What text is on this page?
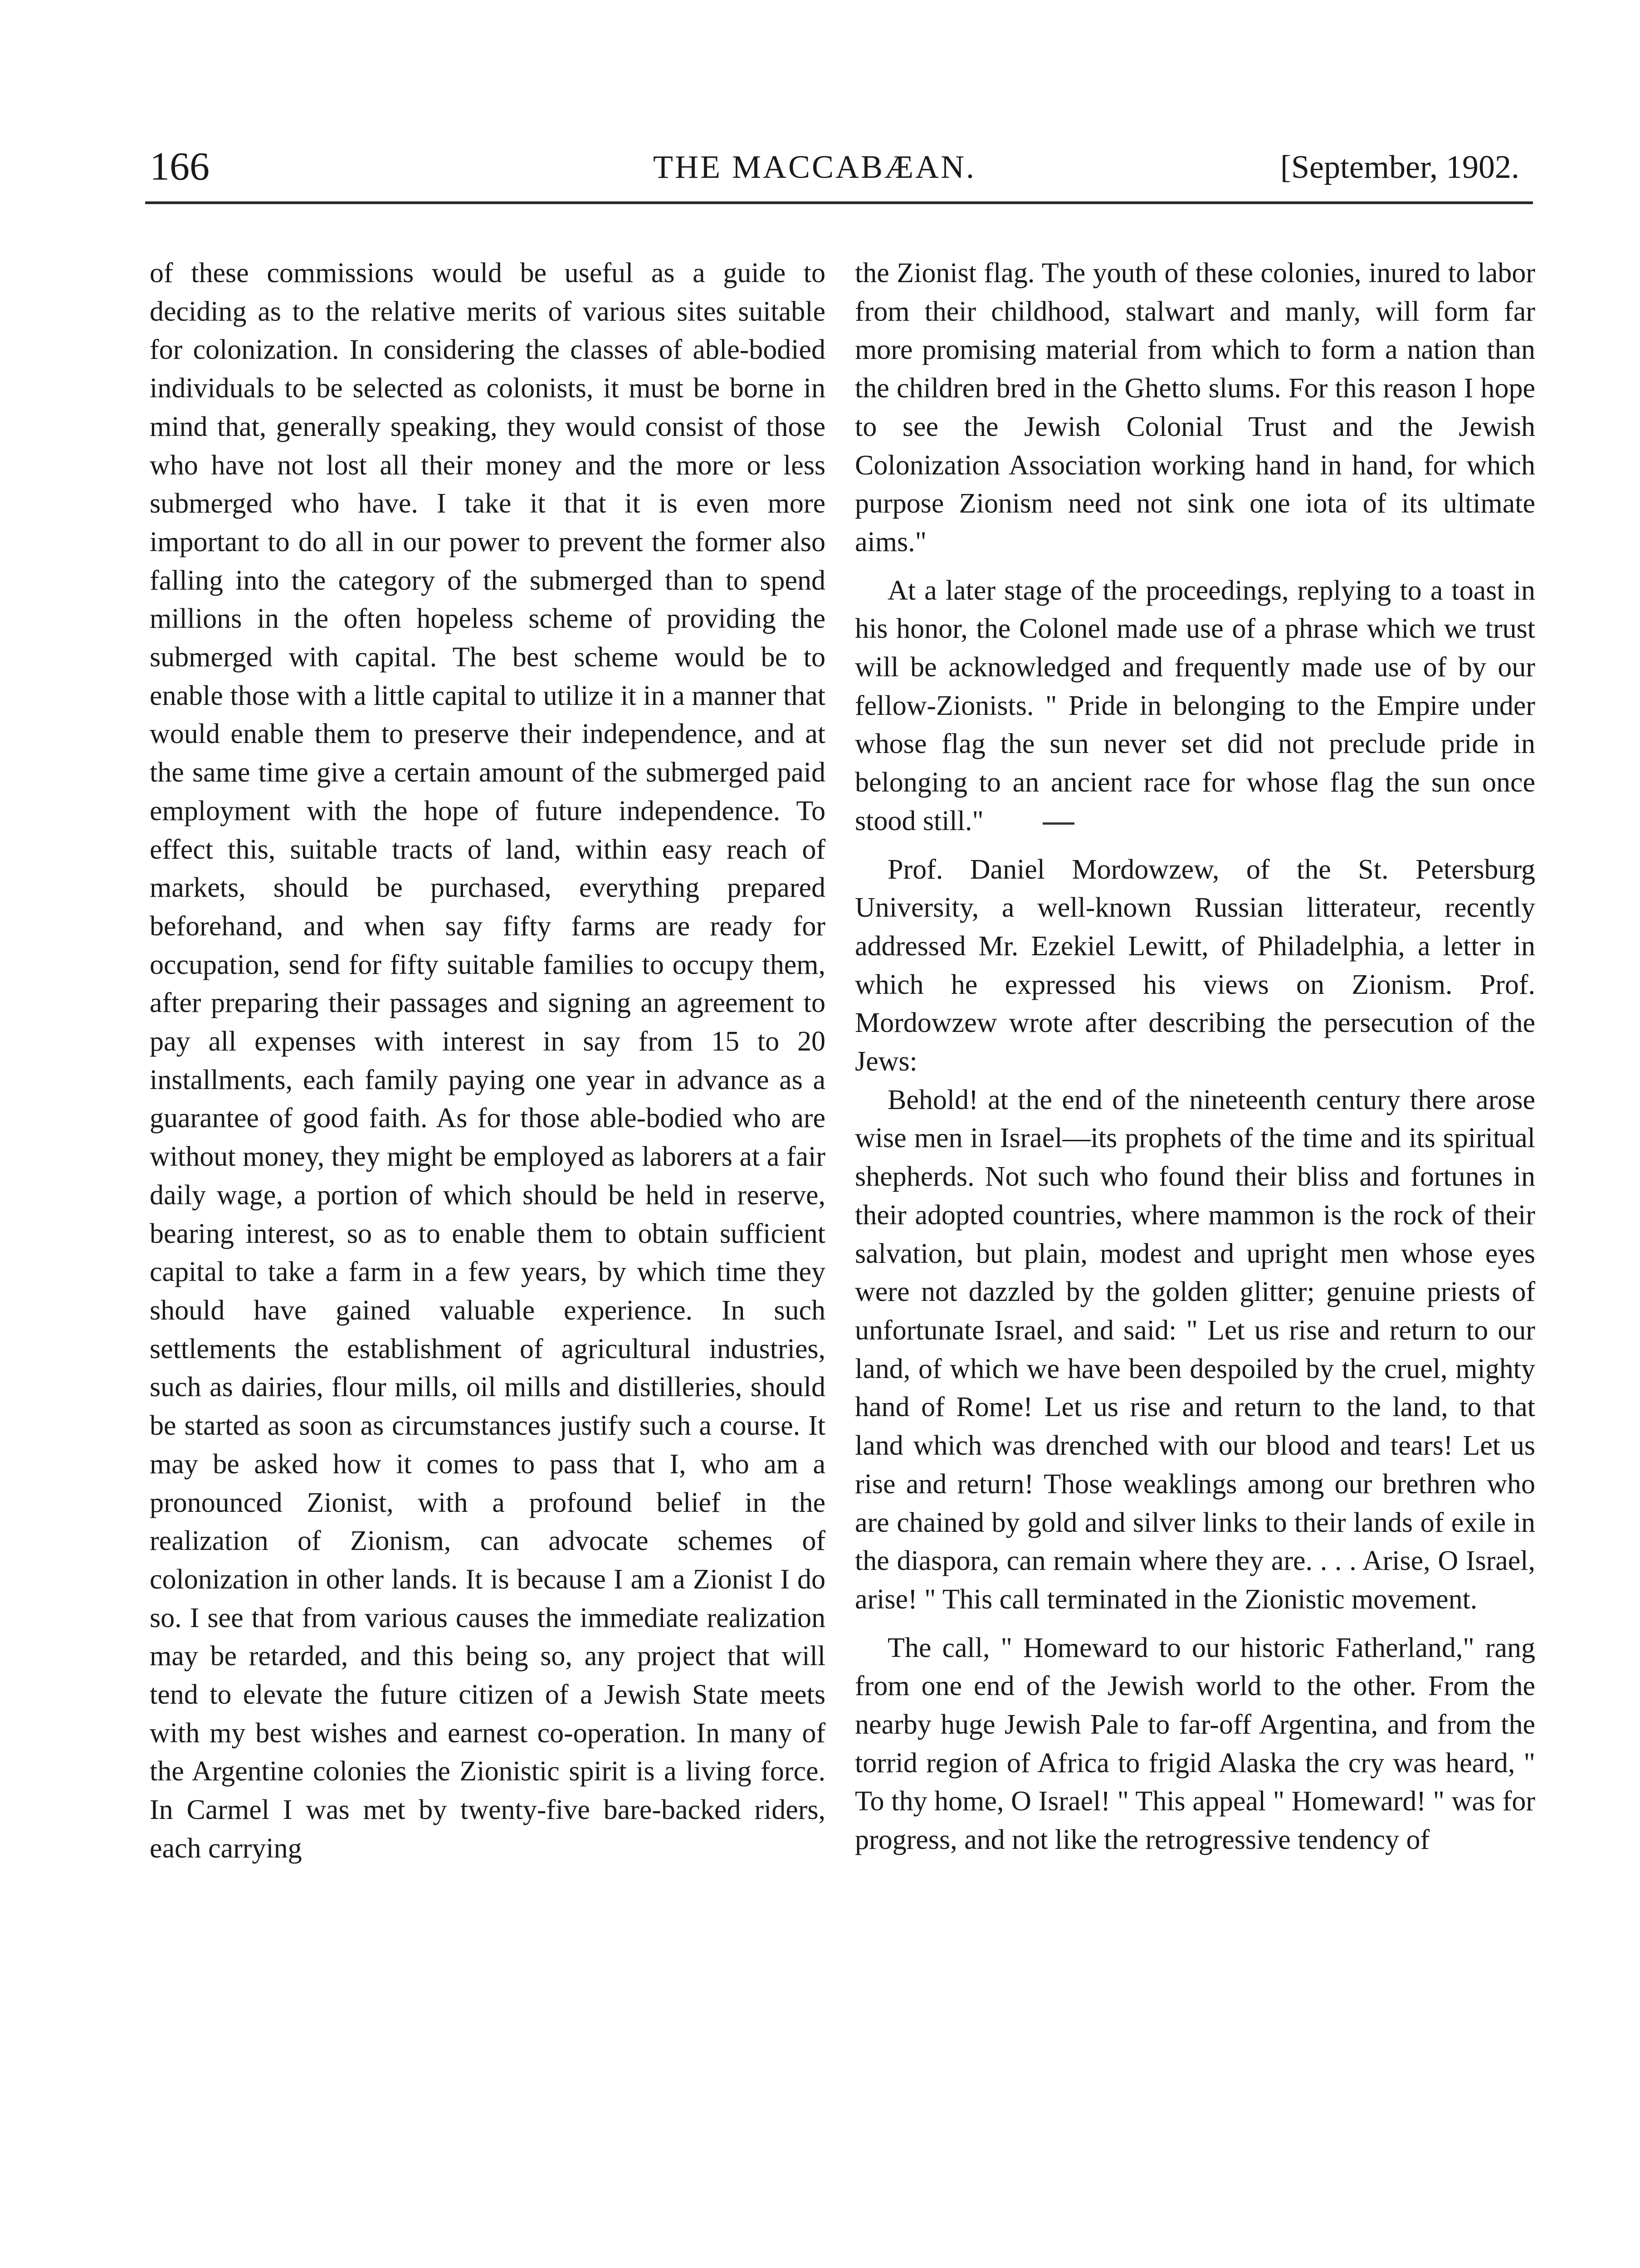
166	THE MACCABÆAN.	[September, 1902.

of these commissions would be useful as a guide to deciding as to the relative merits of various sites suitable for colonization. In considering the classes of able-bodied individuals to be selected as colonists, it must be borne in mind that, generally speaking, they would consist of those who have not lost all their money and the more or less submerged who have. I take it that it is even more important to do all in our power to prevent the former also falling into the category of the submerged than to spend millions in the often hopeless scheme of providing the submerged with capital. The best scheme would be to enable those with a little capital to utilize it in a manner that would enable them to preserve their independence, and at the same time give a certain amount of the submerged paid employment with the hope of future independence. To effect this, suitable tracts of land, within easy reach of markets, should be purchased, everything prepared beforehand, and when say fifty farms are ready for occupation, send for fifty suitable families to occupy them, after preparing their passages and signing an agreement to pay all expenses with interest in say from 15 to 20 installments, each family paying one year in advance as a guarantee of good faith. As for those able-bodied who are without money, they might be employed as laborers at a fair daily wage, a portion of which should be held in reserve, bearing interest, so as to enable them to obtain sufficient capital to take a farm in a few years, by which time they should have gained valuable experience. In such settlements the establishment of agricultural industries, such as dairies, flour mills, oil mills and distilleries, should be started as soon as circumstances justify such a course. It may be asked how it comes to pass that I, who am a pronounced Zionist, with a profound belief in the realization of Zionism, can advocate schemes of colonization in other lands. It is because I am a Zionist I do so. I see that from various causes the immediate realization may be retarded, and this being so, any project that will tend to elevate the future citizen of a Jewish State meets with my best wishes and earnest co-operation. In many of the Argentine colonies the Zionistic spirit is a living force. In Carmel I was met by twenty-five bare-backed riders, each carrying

the Zionist flag. The youth of these colonies, inured to labor from their childhood, stalwart and manly, will form far more promising material from which to form a nation than the children bred in the Ghetto slums. For this reason I hope to see the Jewish Colonial Trust and the Jewish Colonization Association working hand in hand, for which purpose Zionism need not sink one iota of its ultimate aims."

At a later stage of the proceedings, replying to a toast in his honor, the Colonel made use of a phrase which we trust will be acknowledged and frequently made use of by our fellow-Zionists. " Pride in belonging to the Empire under whose flag the sun never set did not preclude pride in belonging to an ancient race for whose flag the sun once stood still."

Prof. Daniel Mordowzew, of the St. Petersburg University, a well-known Russian litterateur, recently addressed Mr. Ezekiel Lewitt, of Philadelphia, a letter in which he expressed his views on Zionism. Prof. Mordowzew wrote after describing the persecution of the Jews:

Behold! at the end of the nineteenth century there arose wise men in Israel—its prophets of the time and its spiritual shepherds. Not such who found their bliss and fortunes in their adopted countries, where mammon is the rock of their salvation, but plain, modest and upright men whose eyes were not dazzled by the golden glitter; genuine priests of unfortunate Israel, and said: " Let us rise and return to our land, of which we have been despoiled by the cruel, mighty hand of Rome! Let us rise and return to the land, to that land which was drenched with our blood and tears! Let us rise and return! Those weaklings among our brethren who are chained by gold and silver links to their lands of exile in the diaspora, can remain where they are. . . . Arise, O Israel, arise! " This call terminated in the Zionistic movement.

The call, " Homeward to our historic Fatherland," rang from one end of the Jewish world to the other. From the nearby huge Jewish Pale to far-off Argentina, and from the torrid region of Africa to frigid Alaska the cry was heard, " To thy home, O Israel! " This appeal " Homeward! " was for progress, and not like the retrogressive tendency of
